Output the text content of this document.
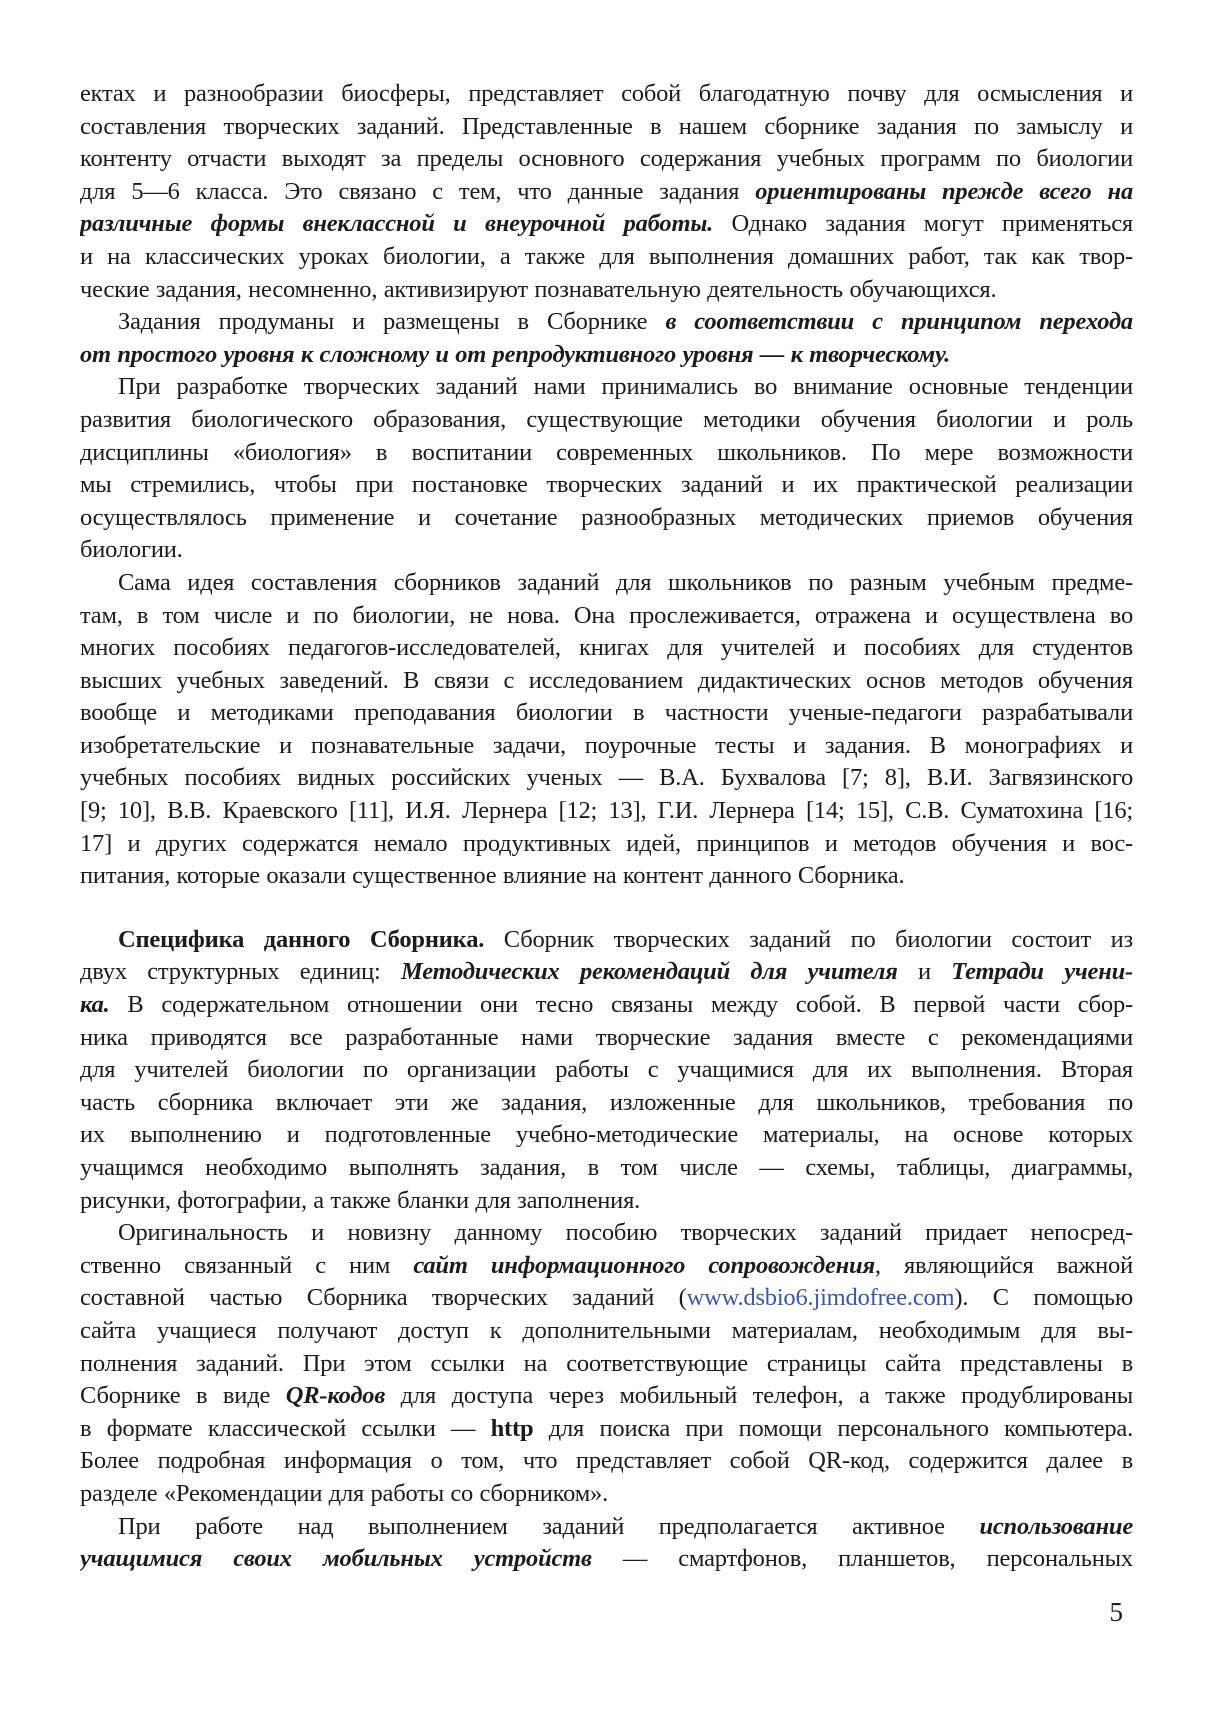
ектах и разнообразии биосферы, представляет собой благодатную почву для осмысления и
составления творческих заданий. Представленные в нашем сборнике задания по замыслу и
контенту отчасти выходят за пределы основного содержания учебных программ по биологии
для 5—6 класса. Это связано с тем, что данные задания ориентированы прежде всего на
различные формы внеклассной и внеурочной работы. Однако задания могут применяться
и на классических уроках биологии, а также для выполнения домашних работ, так как твор-
ческие задания, несомненно, активизируют познавательную деятельность обучающихся.
Задания продуманы и размещены в Сборнике в соответствии с принципом перехода
от простого уровня к сложному и от репродуктивного уровня — к творческому.
При разработке творческих заданий нами принимались во внимание основные тенденции
развития биологического образования, существующие методики обучения биологии и роль
дисциплины «биология» в воспитании современных школьников. По мере возможности
мы стремились, чтобы при постановке творческих заданий и их практической реализации
осуществлялось применение и сочетание разнообразных методических приемов обучения
биологии.
Сама идея составления сборников заданий для школьников по разным учебным предме-
там, в том числе и по биологии, не нова. Она прослеживается, отражена и осуществлена во
многих пособиях педагогов-исследователей, книгах для учителей и пособиях для студентов
высших учебных заведений. В связи с исследованием дидактических основ методов обучения
вообще и методиками преподавания биологии в частности ученые-педагоги разрабатывали
изобретательские и познавательные задачи, поурочные тесты и задания. В монографиях и
учебных пособиях видных российских ученых — В.А. Бухвалова [7; 8], В.И. Загвязинского
[9; 10], В.В. Краевского [11], И.Я. Лернера [12; 13], Г.И. Лернера [14; 15], С.В. Суматохина [16;
17] и других содержатся немало продуктивных идей, принципов и методов обучения и вос-
питания, которые оказали существенное влияние на контент данного Сборника.
Специфика данного Сборника. Сборник творческих заданий по биологии состоит из
двух структурных единиц: Методических рекомендаций для учителя и Тетради учени-
ка. В содержательном отношении они тесно связаны между собой. В первой части сбор-
ника приводятся все разработанные нами творческие задания вместе с рекомендациями
для учителей биологии по организации работы с учащимися для их выполнения. Вторая
часть сборника включает эти же задания, изложенные для школьников, требования по
их выполнению и подготовленные учебно-методические материалы, на основе которых
учащимся необходимо выполнять задания, в том числе — схемы, таблицы, диаграммы,
рисунки, фотографии, а также бланки для заполнения.
Оригинальность и новизну данному пособию творческих заданий придает непосред-
ственно связанный с ним сайт информационного сопровождения, являющийся важной
составной частью Сборника творческих заданий (www.dsbio6.jimdofree.com). С помощью
сайта учащиеся получают доступ к дополнительными материалам, необходимым для вы-
полнения заданий. При этом ссылки на соответствующие страницы сайта представлены в
Сборнике в виде QR-кодов для доступа через мобильный телефон, а также продублированы
в формате классической ссылки — http для поиска при помощи персонального компьютера.
Более подробная информация о том, что представляет собой QR-код, содержится далее в
разделе «Рекомендации для работы со сборником».
При работе над выполнением заданий предполагается активное использование
учащимися своих мобильных устройств — смартфонов, планшетов, персональных
5
